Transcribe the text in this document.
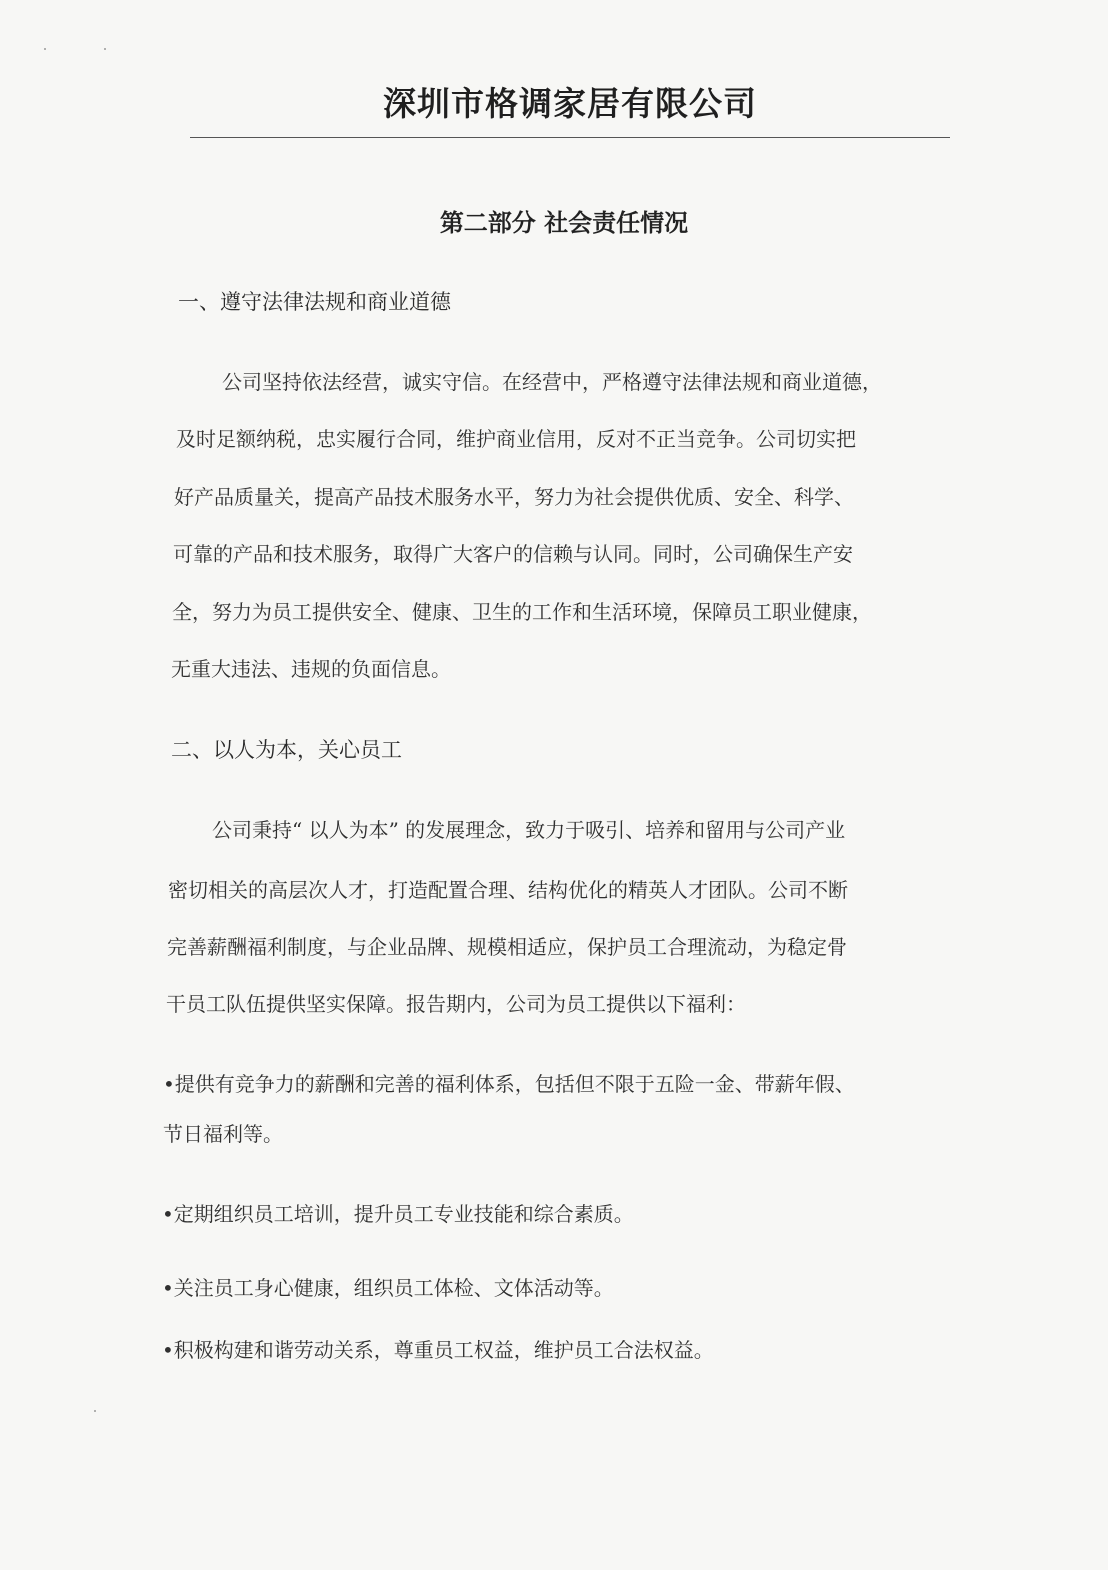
深圳市格调家居有限公司
第二部分 社会责任情况
一、遵守法律法规和商业道德
公司坚持依法经营，诚实守信。在经营中，严格遵守法律法规和商业道德，
及时足额纳税，忠实履行合同，维护商业信用，反对不正当竞争。公司切实把
好产品质量关，提高产品技术服务水平，努力为社会提供优质、安全、科学、
可靠的产品和技术服务，取得广大客户的信赖与认同。同时，公司确保生产安
全，努力为员工提供安全、健康、卫生的工作和生活环境，保障员工职业健康，
无重大违法、违规的负面信息。
二、以人为本，关心员工
公司秉持“ 以人为本” 的发展理念，致力于吸引、培养和留用与公司产业
密切相关的高层次人才，打造配置合理、结构优化的精英人才团队。公司不断
完善薪酬福利制度，与企业品牌、规模相适应，保护员工合理流动，为稳定骨
干员工队伍提供坚实保障。报告期内，公司为员工提供以下福利：
•提供有竞争力的薪酬和完善的福利体系，包括但不限于五险一金、带薪年假、
节日福利等。
•定期组织员工培训，提升员工专业技能和综合素质。
•关注员工身心健康，组织员工体检、文体活动等。
•积极构建和谐劳动关系，尊重员工权益，维护员工合法权益。
